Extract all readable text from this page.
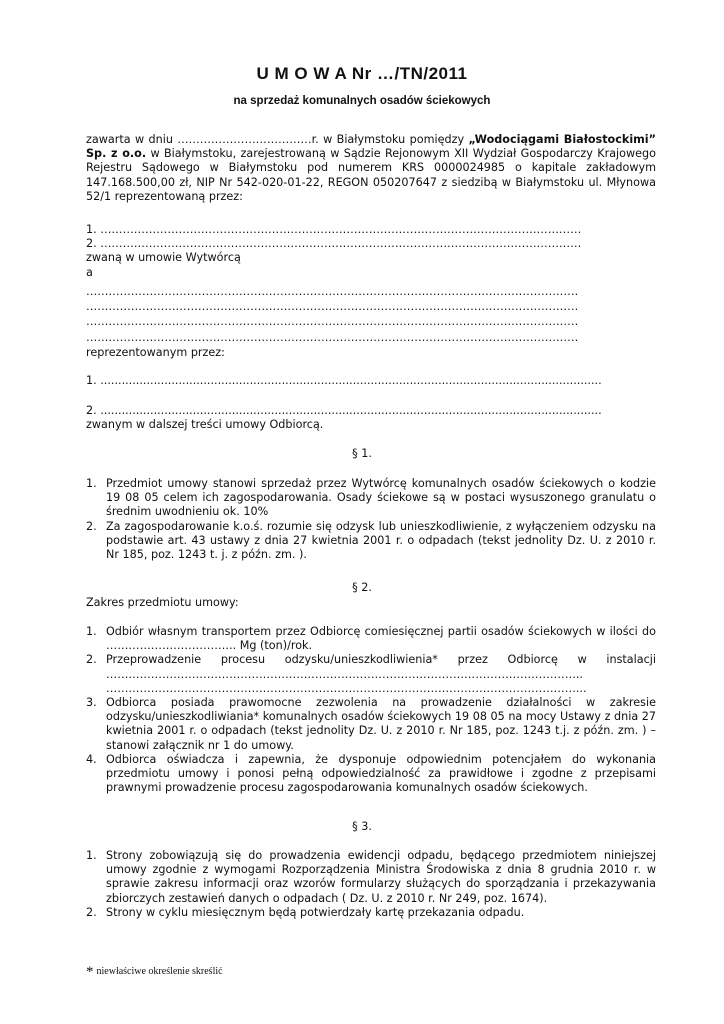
U M O W A Nr …/TN/2011
na sprzedaż komunalnych osadów ściekowych
zawarta w dniu ………………………………r. w Białymstoku pomiędzy „Wodociągami Białostockimi” Sp. z o.o. w Białymstoku, zarejestrowaną w Sądzie Rejonowym XII Wydział Gospodarczy Krajowego Rejestru Sądowego w Białymstoku pod numerem KRS 0000024985 o kapitale zakładowym 147.168.500,00 zł, NIP Nr 542-020-01-22, REGON 050207647 z siedzibą w Białymstoku ul. Młynowa 52/1 reprezentowaną przez:
1. …………………………………………………………………………………………………………………
2. …………………………………………………………………………………………………………………
zwaną w umowie Wytwórcą
a
……………………………………………………………………………………………………………………
……………………………………………………………………………………………………………………
……………………………………………………………………………………………………………………
……………………………………………………………………………………………………………………
reprezentowanym przez:
1. .............................................................................................................................................
2. .............................................................................................................................................
zwanym w dalszej treści umowy Odbiorcą.
§ 1.
1. Przedmiot umowy stanowi sprzedaż przez Wytwórcę komunalnych osadów ściekowych o kodzie 19 08 05 celem ich zagospodarowania. Osady ściekowe są w postaci wysuszonego granulatu o średnim uwodnieniu ok. 10%
2. Za zagospodarowanie k.o.ś. rozumie się odzysk lub unieszkodliwienie, z wyłączeniem odzysku na podstawie art. 43 ustawy z dnia 27 kwietnia 2001 r. o odpadach (tekst jednolity Dz. U. z 2010 r. Nr 185, poz. 1243 t. j. z późn. zm. ).
§ 2.
Zakres przedmiotu umowy:
1. Odbiór własnym transportem przez Odbiorcę comiesięcznej partii osadów ściekowych w ilości do …………………………….. Mg (ton)/rok.
2. Przeprowadzenie procesu odzysku/unieszkodliwienia* przez Odbiorcę w instalacji ……………………………………………………………………………………………………………….. ………………………………………………………………………………………………………………...
3. Odbiorca posiada prawomocne zezwolenia na prowadzenie działalności w zakresie odzysku/unieszkodliwiania* komunalnych osadów ściekowych 19 08 05 na mocy Ustawy z dnia 27 kwietnia 2001 r. o odpadach (tekst jednolity Dz. U. z 2010 r. Nr 185, poz. 1243 t.j. z późn. zm. ) – stanowi załącznik nr 1 do umowy.
4. Odbiorca oświadcza i zapewnia, że dysponuje odpowiednim potencjałem do wykonania przedmiotu umowy i ponosi pełną odpowiedzialność za prawidłowe i zgodne z przepisami prawnymi prowadzenie procesu zagospodarowania komunalnych osadów ściekowych.
§ 3.
1. Strony zobowiązują się do prowadzenia ewidencji odpadu, będącego przedmiotem niniejszej umowy zgodnie z wymogami Rozporządzenia Ministra Środowiska z dnia 8 grudnia 2010 r. w sprawie zakresu informacji oraz wzorów formularzy służących do sporządzania i przekazywania zbiorczych zestawień danych o odpadach ( Dz. U. z 2010 r. Nr 249, poz. 1674).
2. Strony w cyklu miesięcznym będą potwierdzały kartę przekazania odpadu.
* niewłaściwe określenie skreślić
